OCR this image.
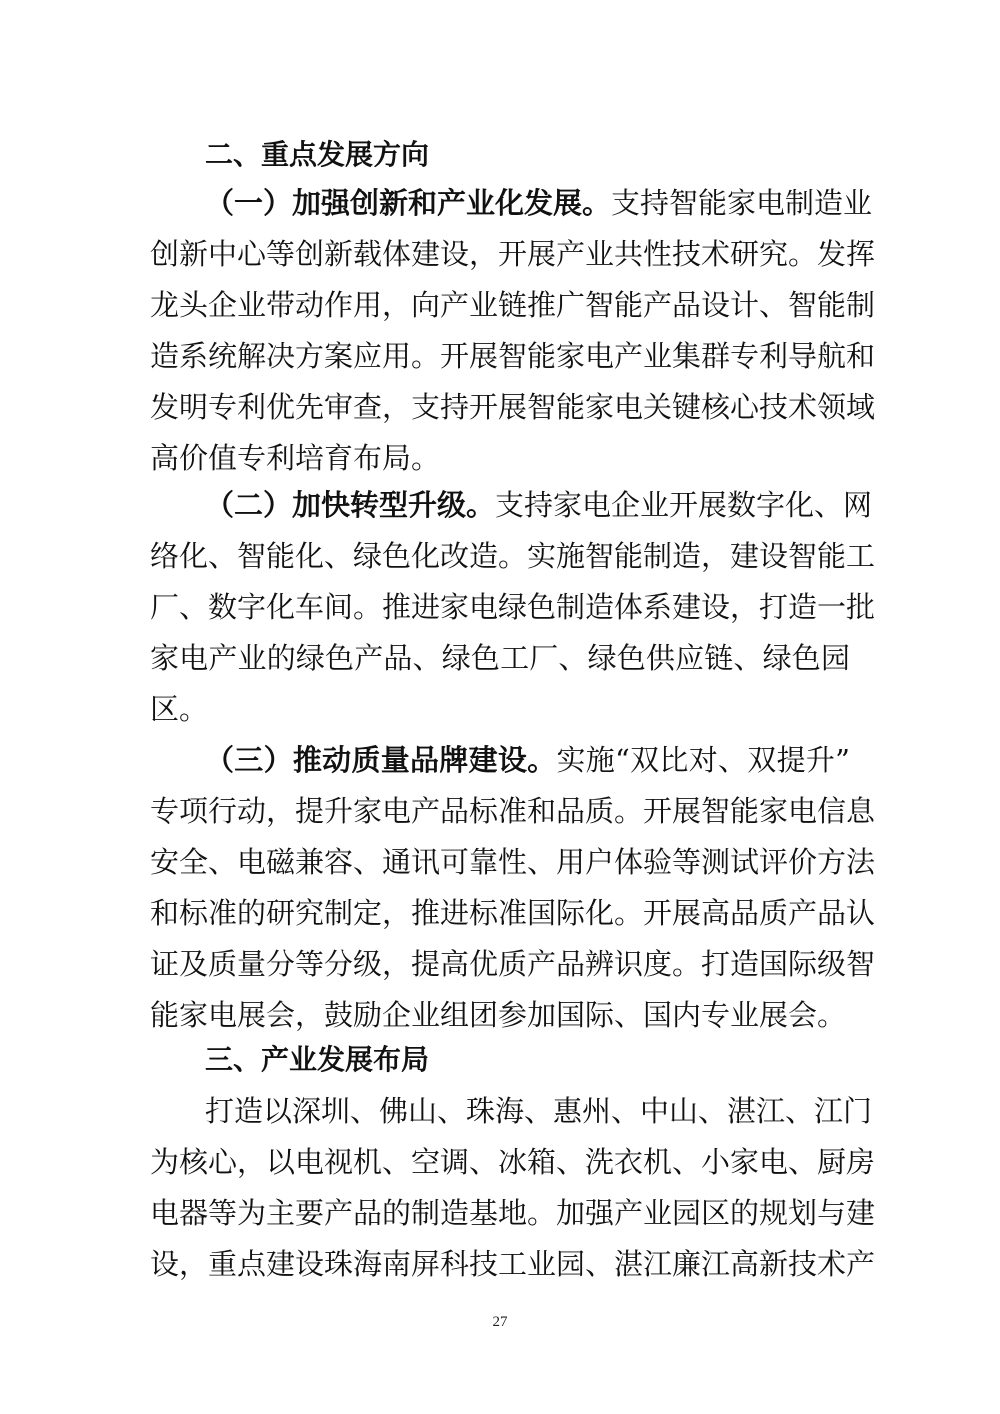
二、重点发展方向
（一）加强创新和产业化发展。支持智能家电制造业
创新中心等创新载体建设，开展产业共性技术研究。发挥
龙头企业带动作用，向产业链推广智能产品设计、智能制
造系统解决方案应用。开展智能家电产业集群专利导航和
发明专利优先审查，支持开展智能家电关键核心技术领域
高价值专利培育布局。
（二）加快转型升级。支持家电企业开展数字化、网
络化、智能化、绿色化改造。实施智能制造，建设智能工
厂、数字化车间。推进家电绿色制造体系建设，打造一批
家电产业的绿色产品、绿色工厂、绿色供应链、绿色园
区。
（三）推动质量品牌建设。实施“双比对、双提升”
专项行动，提升家电产品标准和品质。开展智能家电信息
安全、电磁兼容、通讯可靠性、用户体验等测试评价方法
和标准的研究制定，推进标准国际化。开展高品质产品认
证及质量分等分级，提高优质产品辨识度。打造国际级智
能家电展会，鼓励企业组团参加国际、国内专业展会。
三、产业发展布局
打造以深圳、佛山、珠海、惠州、中山、湛江、江门
为核心，以电视机、空调、冰箱、洗衣机、小家电、厨房
电器等为主要产品的制造基地。加强产业园区的规划与建
设，重点建设珠海南屏科技工业园、湛江廉江高新技术产
27
